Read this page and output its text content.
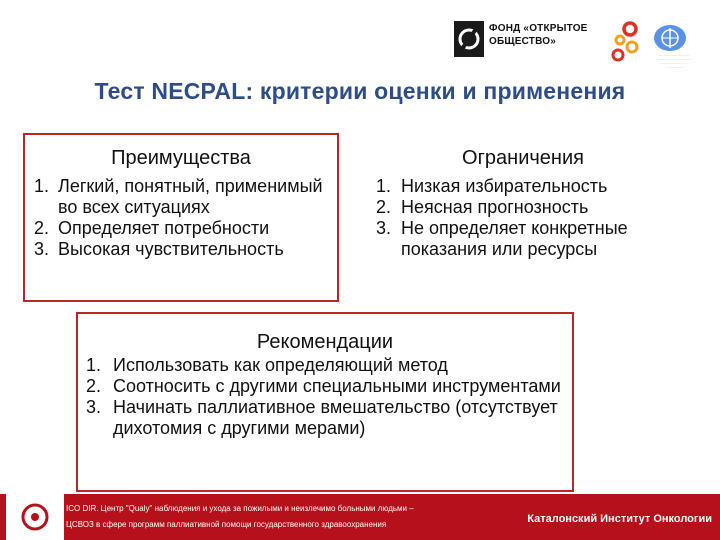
ФОНД «ОТКРЫТОЕ
ОБЩЕСТВО»
·······························
·····································
···························
··················
Тест NECPAL: критерии оценки и применения
Преимущества
1. Легкий, понятный, применимый во всех ситуациях
2. Определяет потребности
3. Высокая чувствительность
Ограничения
1. Низкая избирательность
2. Неясная прогнозность
3. Не определяет конкретные показания или ресурсы
Рекомендации
1. Использовать как определяющий метод
2. Соотносить с другими специальными инструментами
3. Начинать паллиативное вмешательство (отсутствует дихотомия с другими мерами)
ICO DIR. Центр "Qualy" наблюдения и ухода за пожилыми и неизлечимо больными людьми –
ЦСВОЗ в сфере программ паллиативной помощи государственного здравоохранения	Каталонский Институт Онкологии
